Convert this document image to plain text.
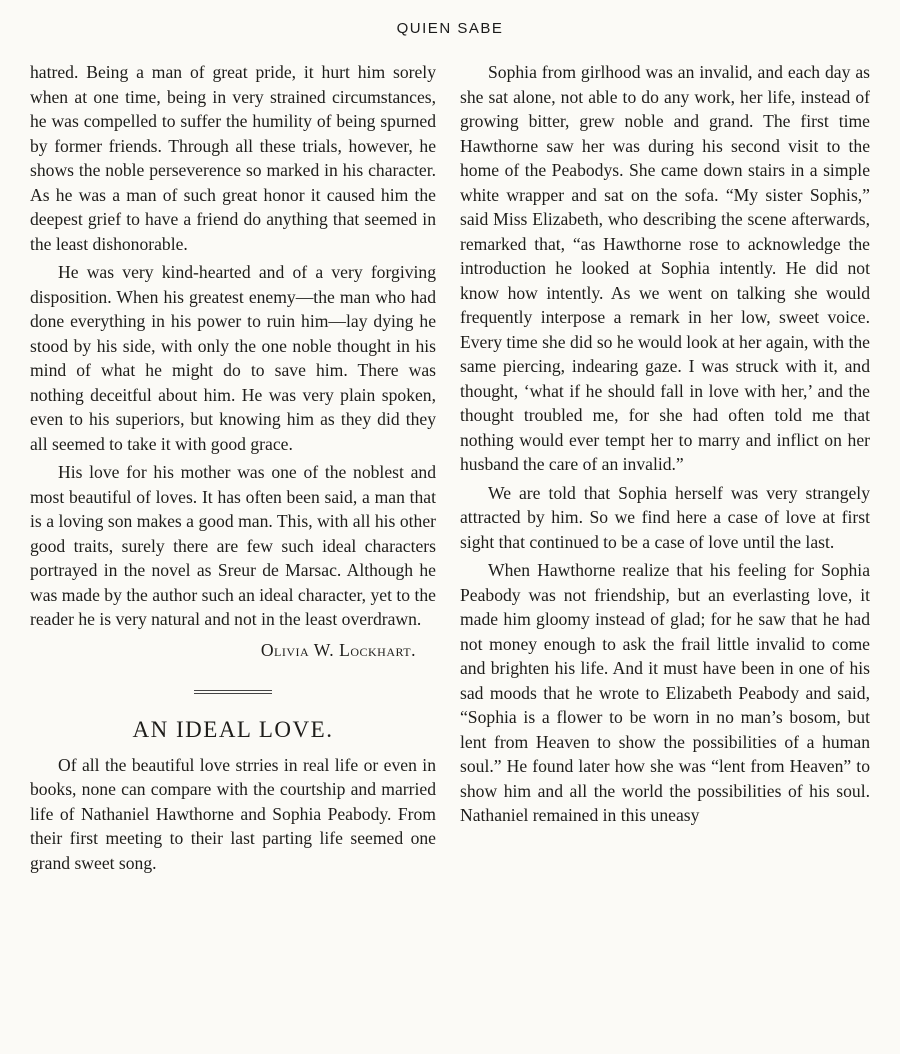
QUIEN SABE

hatred. Being a man of great pride, it hurt him sorely when at one time, being in very strained circumstances, he was compelled to suffer the humility of being spurned by former friends. Through all these trials, however, he shows the noble perseverence so marked in his character. As he was a man of such great honor it caused him the deepest grief to have a friend do anything that seemed in the least dishonorable.

He was very kind-hearted and of a very forgiving disposition. When his greatest enemy—the man who had done everything in his power to ruin him—lay dying he stood by his side, with only the one noble thought in his mind of what he might do to save him. There was nothing deceitful about him. He was very plain spoken, even to his superiors, but knowing him as they did they all seemed to take it with good grace.

His love for his mother was one of the noblest and most beautiful of loves. It has often been said, a man that is a loving son makes a good man. This, with all his other good traits, surely there are few such ideal characters portrayed in the novel as Sreur de Marsac. Although he was made by the author such an ideal character, yet to the reader he is very natural and not in the least overdrawn.

Olivia W. Lockhart.
AN IDEAL LOVE.

Of all the beautiful love strries in real life or even in books, none can compare with the courtship and married life of Nathaniel Hawthorne and Sophia Peabody. From their first meeting to their last parting life seemed one grand sweet song.

Sophia from girlhood was an invalid, and each day as she sat alone, not able to do any work, her life, instead of growing bitter, grew noble and grand. The first time Hawthorne saw her was during his second visit to the home of the Peabodys. She came down stairs in a simple white wrapper and sat on the sofa. “My sister Sophis,” said Miss Elizabeth, who describing the scene afterwards, remarked that, “as Hawthorne rose to acknowledge the introduction he looked at Sophia intently. He did not know how intently. As we went on talking she would frequently interpose a remark in her low, sweet voice. Every time she did so he would look at her again, with the same piercing, indearing gaze. I was struck with it, and thought, ‘what if he should fall in love with her,’ and the thought troubled me, for she had often told me that nothing would ever tempt her to marry and inflict on her husband the care of an invalid.”

We are told that Sophia herself was very strangely attracted by him. So we find here a case of love at first sight that continued to be a case of love until the last.

When Hawthorne realize that his feeling for Sophia Peabody was not friendship, but an everlasting love, it made him gloomy instead of glad; for he saw that he had not money enough to ask the frail little invalid to come and brighten his life. And it must have been in one of his sad moods that he wrote to Elizabeth Peabody and said, “Sophia is a flower to be worn in no man’s bosom, but lent from Heaven to show the possibilities of a human soul.” He found later how she was “lent from Heaven” to show him and all the world the possibilities of his soul. Nathaniel remained in this uneasy
